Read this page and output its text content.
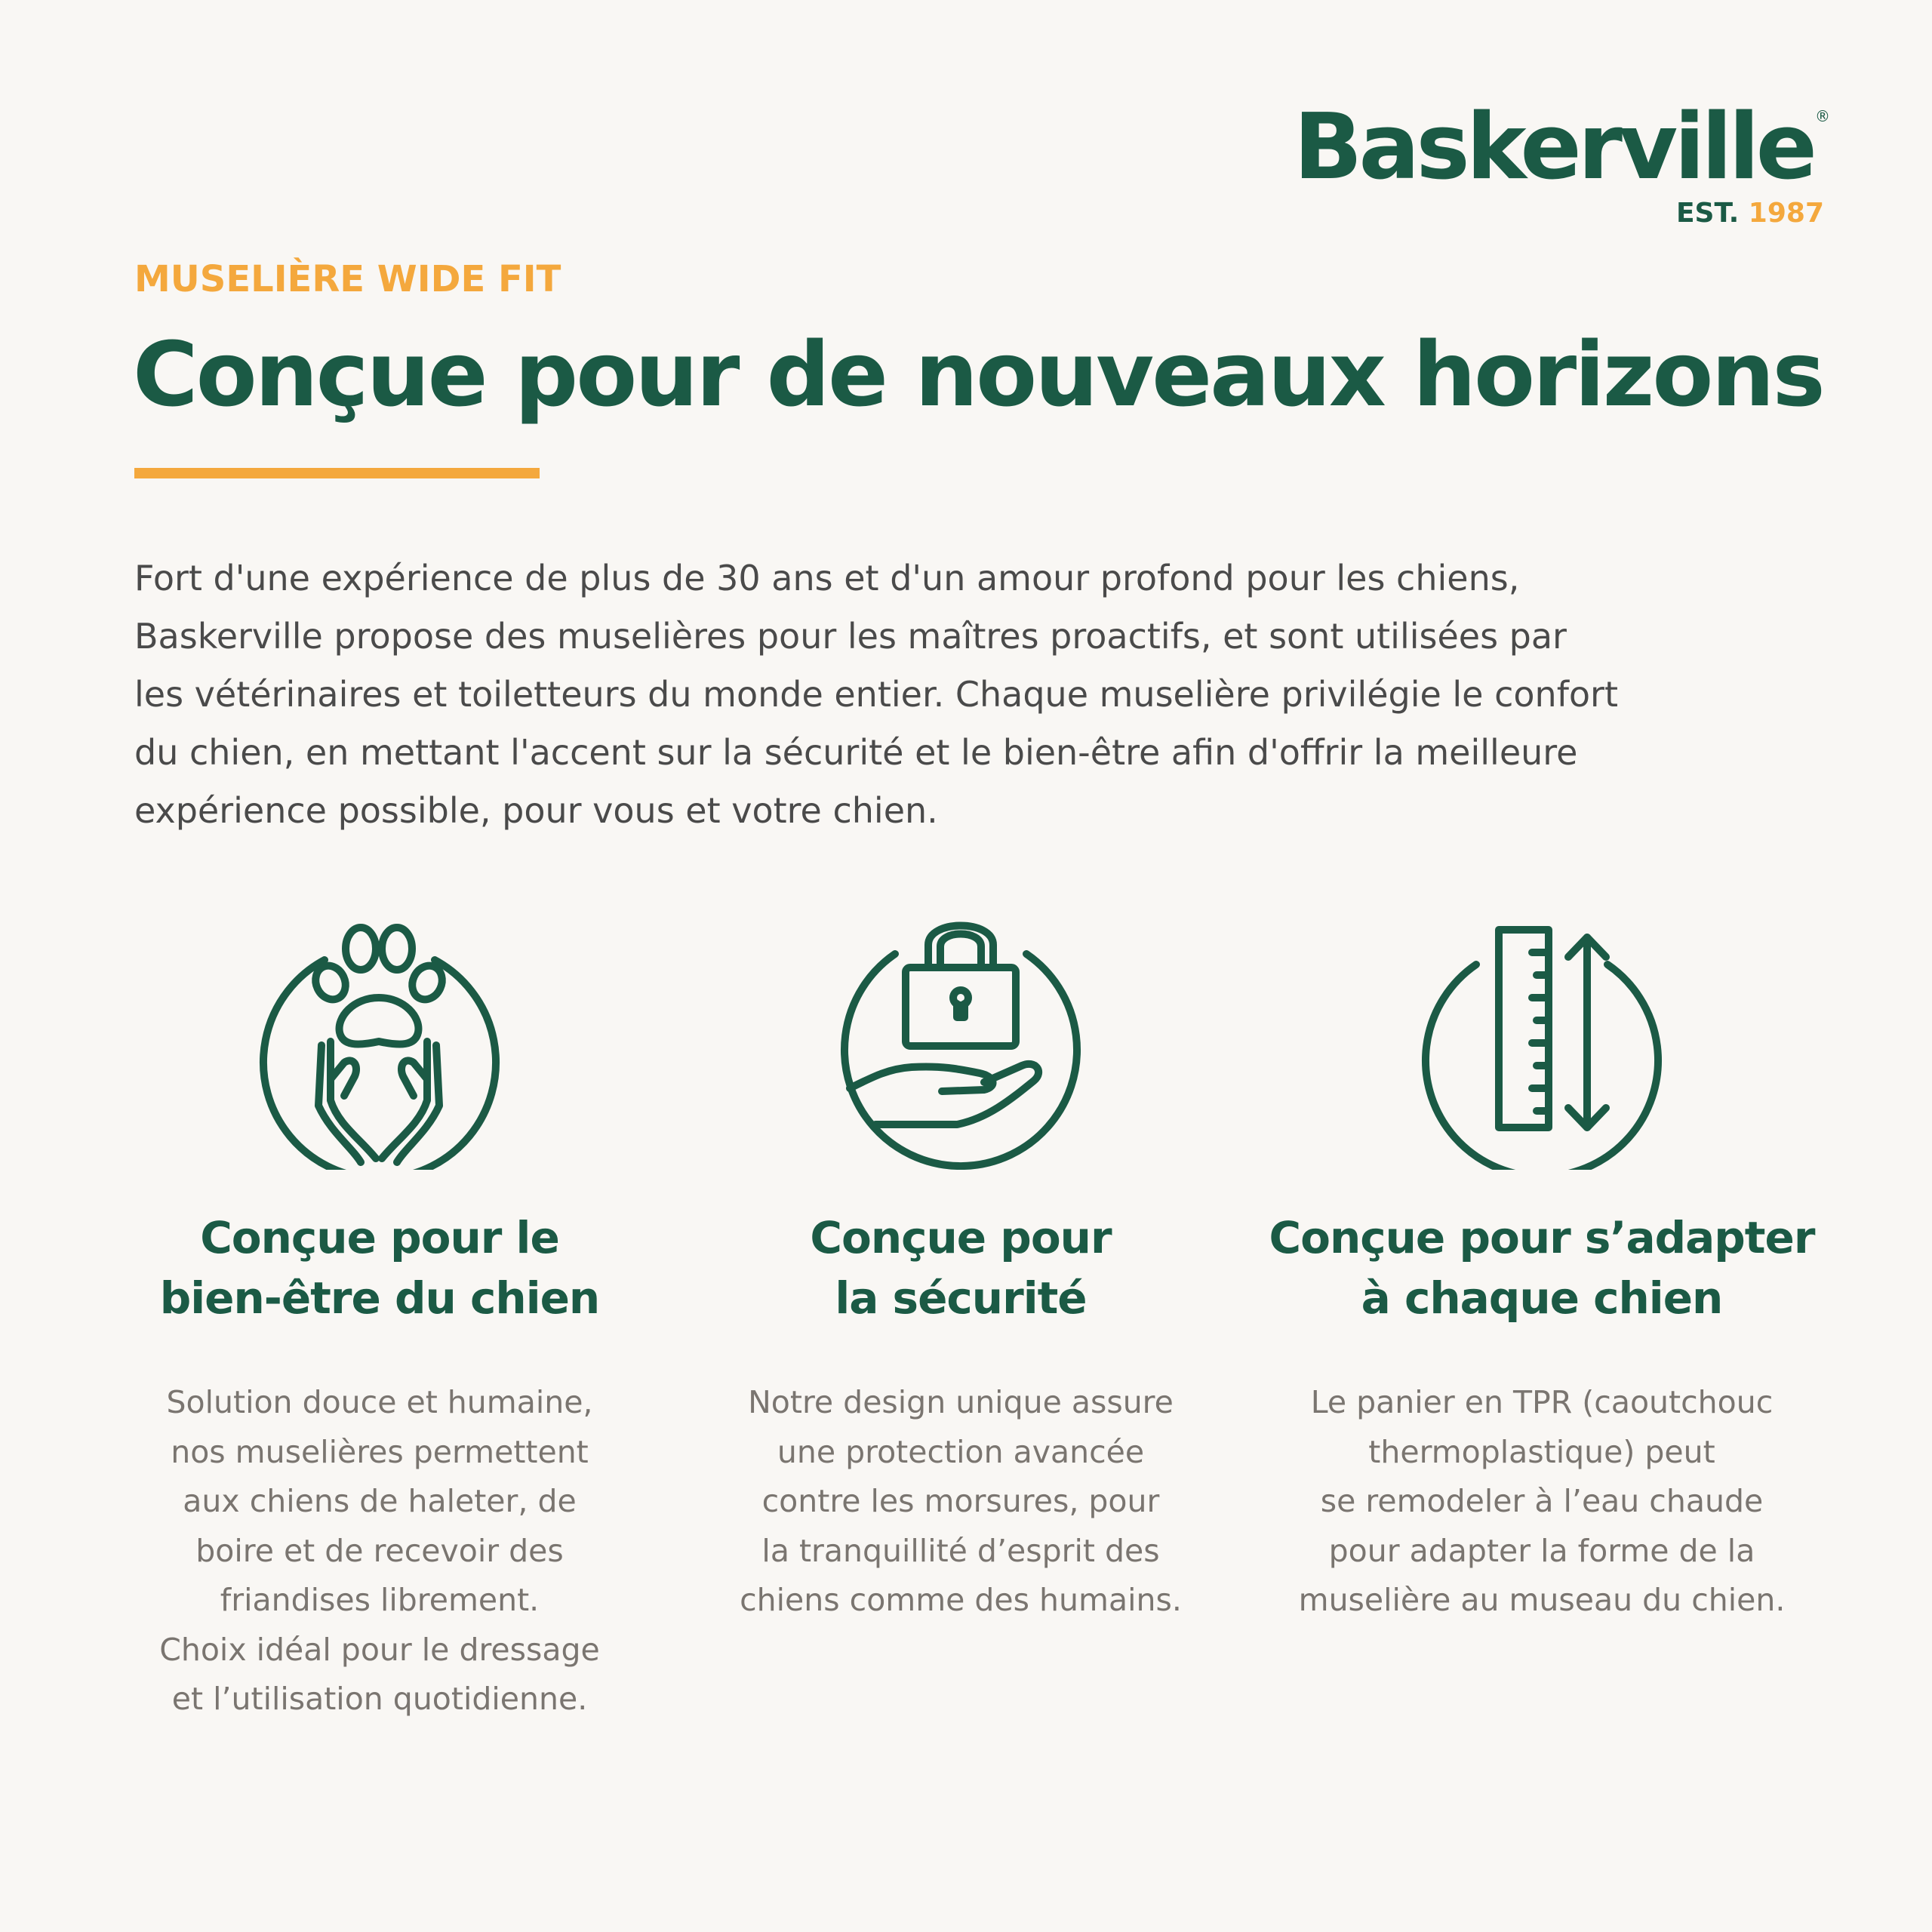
Baskerville ®
EST. 1987
MUSELIÈRE WIDE FIT
Conçue pour de nouveaux horizons

Fort d'une expérience de plus de 30 ans et d'un amour profond pour les chiens,
Baskerville propose des muselières pour les maîtres proactifs, et sont utilisées par
les vétérinaires et toiletteurs du monde entier. Chaque muselière privilégie le confort
du chien, en mettant l'accent sur la sécurité et le bien-être afin d'offrir la meilleure
expérience possible, pour vous et votre chien.

Conçue pour le
bien-être du chien
Solution douce et humaine,
nos muselières permettent
aux chiens de haleter, de
boire et de recevoir des
friandises librement.
Choix idéal pour le dressage
et l’utilisation quotidienne.
Conçue pour
la sécurité
Notre design unique assure
une protection avancée
contre les morsures, pour
la tranquillité d’esprit des
chiens comme des humains.
Conçue pour s’adapter
à chaque chien
Le panier en TPR (caoutchouc
thermoplastique) peut
se remodeler à l’eau chaude
pour adapter la forme de la
muselière au museau du chien.
